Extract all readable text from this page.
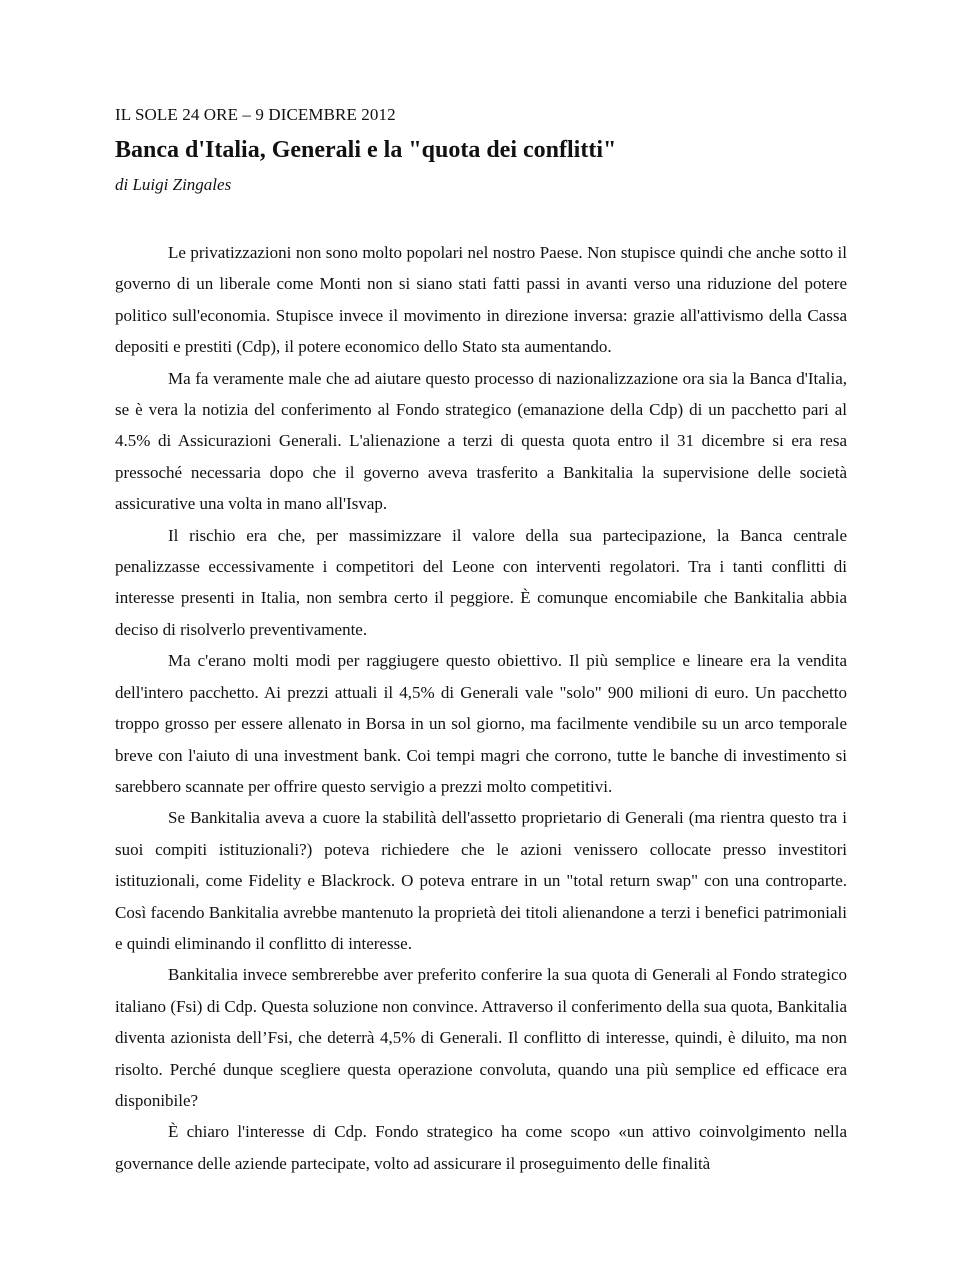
IL SOLE 24 ORE – 9 DICEMBRE 2012

Banca d'Italia, Generali e la "quota dei conflitti"

di Luigi Zingales

Le privatizzazioni non sono molto popolari nel nostro Paese. Non stupisce quindi che anche sotto il governo di un liberale come Monti non si siano stati fatti passi in avanti verso una riduzione del potere politico sull'economia. Stupisce invece il movimento in direzione inversa: grazie all'attivismo della Cassa depositi e prestiti (Cdp), il potere economico dello Stato sta aumentando.

Ma fa veramente male che ad aiutare questo processo di nazionalizzazione ora sia la Banca d'Italia, se è vera la notizia del conferimento al Fondo strategico (emanazione della Cdp) di un pacchetto pari al 4.5% di Assicurazioni Generali. L'alienazione a terzi di questa quota entro il 31 dicembre si era resa pressoché necessaria dopo che il governo aveva trasferito a Bankitalia la supervisione delle società assicurative una volta in mano all'Isvap.

Il rischio era che, per massimizzare il valore della sua partecipazione, la Banca centrale penalizzasse eccessivamente i competitori del Leone con interventi regolatori. Tra i tanti conflitti di interesse presenti in Italia, non sembra certo il peggiore. È comunque encomiabile che Bankitalia abbia deciso di risolverlo preventivamente.

Ma c'erano molti modi per raggiugere questo obiettivo. Il più semplice e lineare era la vendita dell'intero pacchetto. Ai prezzi attuali il 4,5% di Generali vale "solo" 900 milioni di euro. Un pacchetto troppo grosso per essere allenato in Borsa in un sol giorno, ma facilmente vendibile su un arco temporale breve con l'aiuto di una investment bank. Coi tempi magri che corrono, tutte le banche di investimento si sarebbero scannate per offrire questo servigio a prezzi molto competitivi.

Se Bankitalia aveva a cuore la stabilità dell'assetto proprietario di Generali (ma rientra questo tra i suoi compiti istituzionali?) poteva richiedere che le azioni venissero collocate presso investitori istituzionali, come Fidelity e Blackrock. O poteva entrare in un "total return swap" con una controparte. Così facendo Bankitalia avrebbe mantenuto la proprietà dei titoli alienandone a terzi i benefici patrimoniali e quindi eliminando il conflitto di interesse.

Bankitalia invece sembrerebbe aver preferito conferire la sua quota di Generali al Fondo strategico italiano (Fsi) di Cdp. Questa soluzione non convince. Attraverso il conferimento della sua quota, Bankitalia diventa azionista dell’Fsi, che deterrà 4,5% di Generali. Il conflitto di interesse, quindi, è diluito, ma non risolto. Perché dunque scegliere questa operazione convoluta, quando una più semplice ed efficace era disponibile?

È chiaro l'interesse di Cdp. Fondo strategico ha come scopo «un attivo coinvolgimento nella governance delle aziende partecipate, volto ad assicurare il proseguimento delle finalità
